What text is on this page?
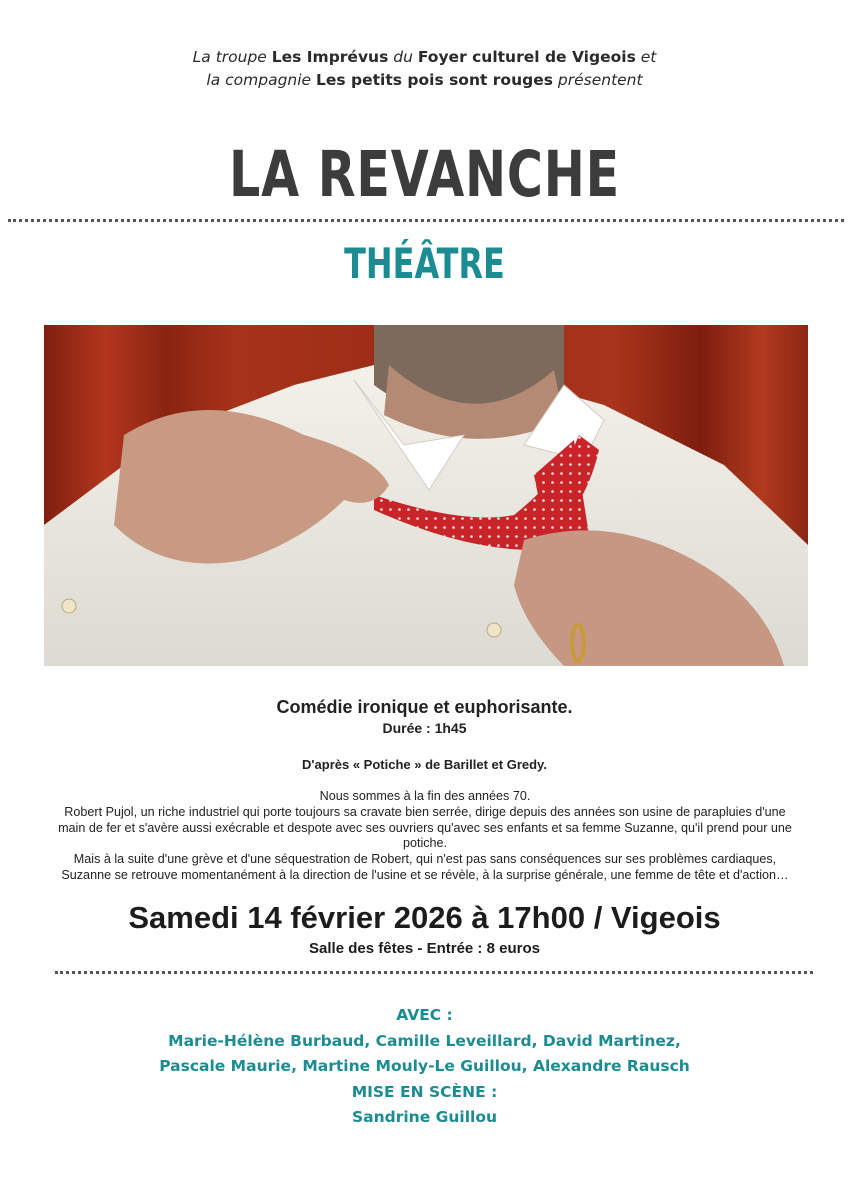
La troupe Les Imprévus du Foyer culturel de Vigeois et
la compagnie Les petits pois sont rouges présentent
LA REVANCHE
THÉÂTRE
Comédie ironique et euphorisante.
Durée : 1h45
D'après « Potiche » de Barillet et Gredy.
Nous sommes à la fin des années 70.
Robert Pujol, un riche industriel qui porte toujours sa cravate bien serrée, dirige depuis des années son usine de parapluies d'une main de fer et s'avère aussi exécrable et despote avec ses ouvriers qu'avec ses enfants et sa femme Suzanne, qu'il prend pour une potiche.
Mais à la suite d'une grève et d'une séquestration de Robert, qui n'est pas sans conséquences sur ses problèmes cardiaques, Suzanne se retrouve momentanément à la direction de l'usine et se révèle, à la surprise générale, une femme de tête et d'action…
Samedi 14 février 2026 à 17h00 / Vigeois
Salle des fêtes - Entrée : 8 euros
AVEC :
Marie-Hélène Burbaud, Camille Leveillard, David Martinez,
Pascale Maurie, Martine Mouly-Le Guillou, Alexandre Rausch
MISE EN SCÈNE :
Sandrine Guillou
